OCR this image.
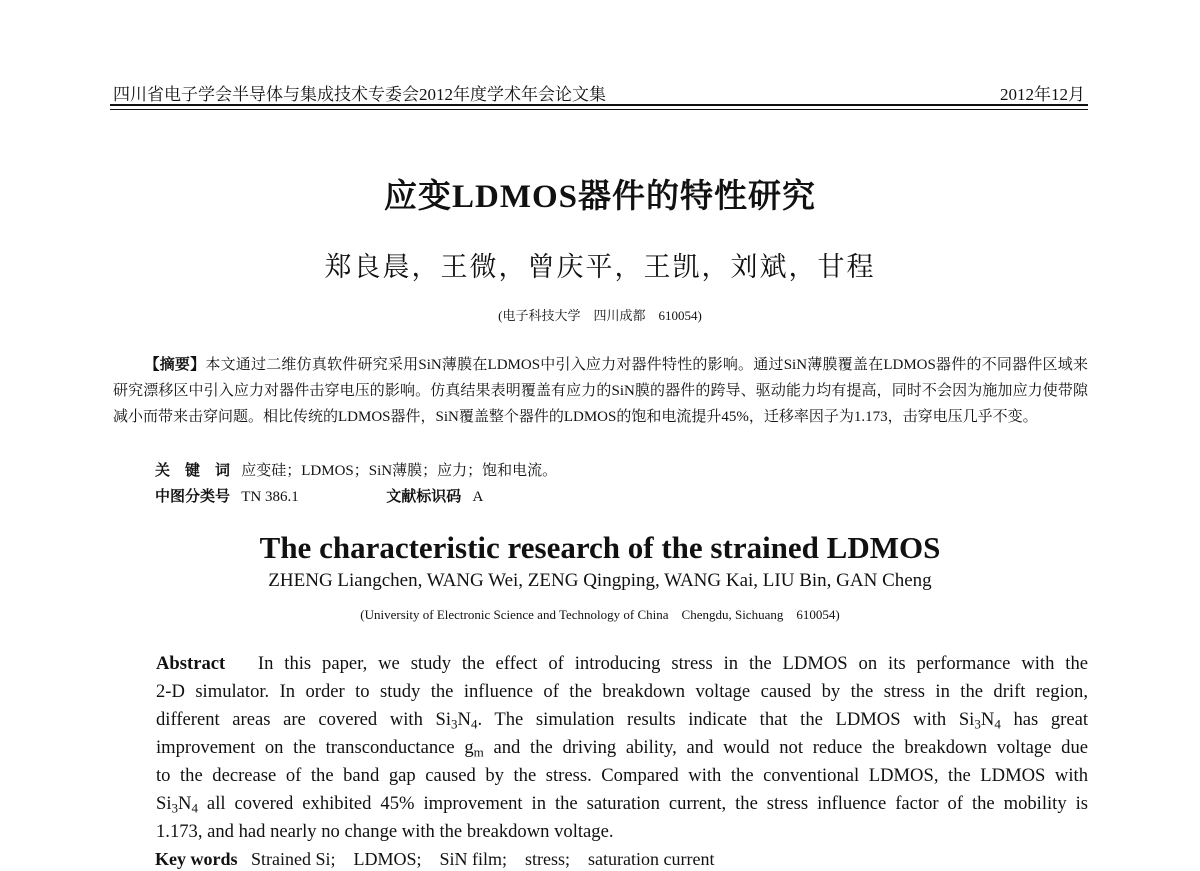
四川省电子学会半导体与集成技术专委会2012年度学术年会论文集	2012年12月
应变LDMOS器件的特性研究
郑良晨，王微，曾庆平，王凯，刘斌，甘程
(电子科技大学　四川成都　610054)

【摘要】本文通过二维仿真软件研究采用SiN薄膜在LDMOS中引入应力对器件特性的影响。通过SiN薄膜覆盖在LDMOS器件的不同器件区域来研究漂移区中引入应力对器件击穿电压的影响。仿真结果表明覆盖有应力的SiN膜的器件的跨导、驱动能力均有提高，同时不会因为施加应力使带隙减小而带来击穿问题。相比传统的LDMOS器件，SiN覆盖整个器件的LDMOS的饱和电流提升45%，迁移率因子为1.173，击穿电压几乎不变。

关　键　词 应变硅；LDMOS；SiN薄膜；应力；饱和电流。
中图分类号 TN 386.1	文献标识码 A
The characteristic research of the strained LDMOS
ZHENG Liangchen, WANG Wei, ZENG Qingping, WANG Kai, LIU Bin, GAN Cheng
(University of Electronic Science and Technology of China　Chengdu, Sichuang　610054)

Abstract In this paper, we study the effect of introducing stress in the LDMOS on its performance with the
2-D simulator. In order to study the influence of the breakdown voltage caused by the stress in the drift region,
different areas are covered with $Si_3N_4$. The simulation results indicate that the LDMOS with $Si_3N_4$ has great
improvement on the transconductance $g_m$ and the driving ability, and would not reduce the breakdown voltage due
to the decrease of the band gap caused by the stress. Compared with the conventional LDMOS, the LDMOS with
$Si_3N_4$ all covered exhibited 45% improvement in the saturation current, the stress influence factor of the mobility is
1.173, and had nearly no change with the breakdown voltage.

Key words Strained Si;　LDMOS;　SiN film;　stress;　saturation current
